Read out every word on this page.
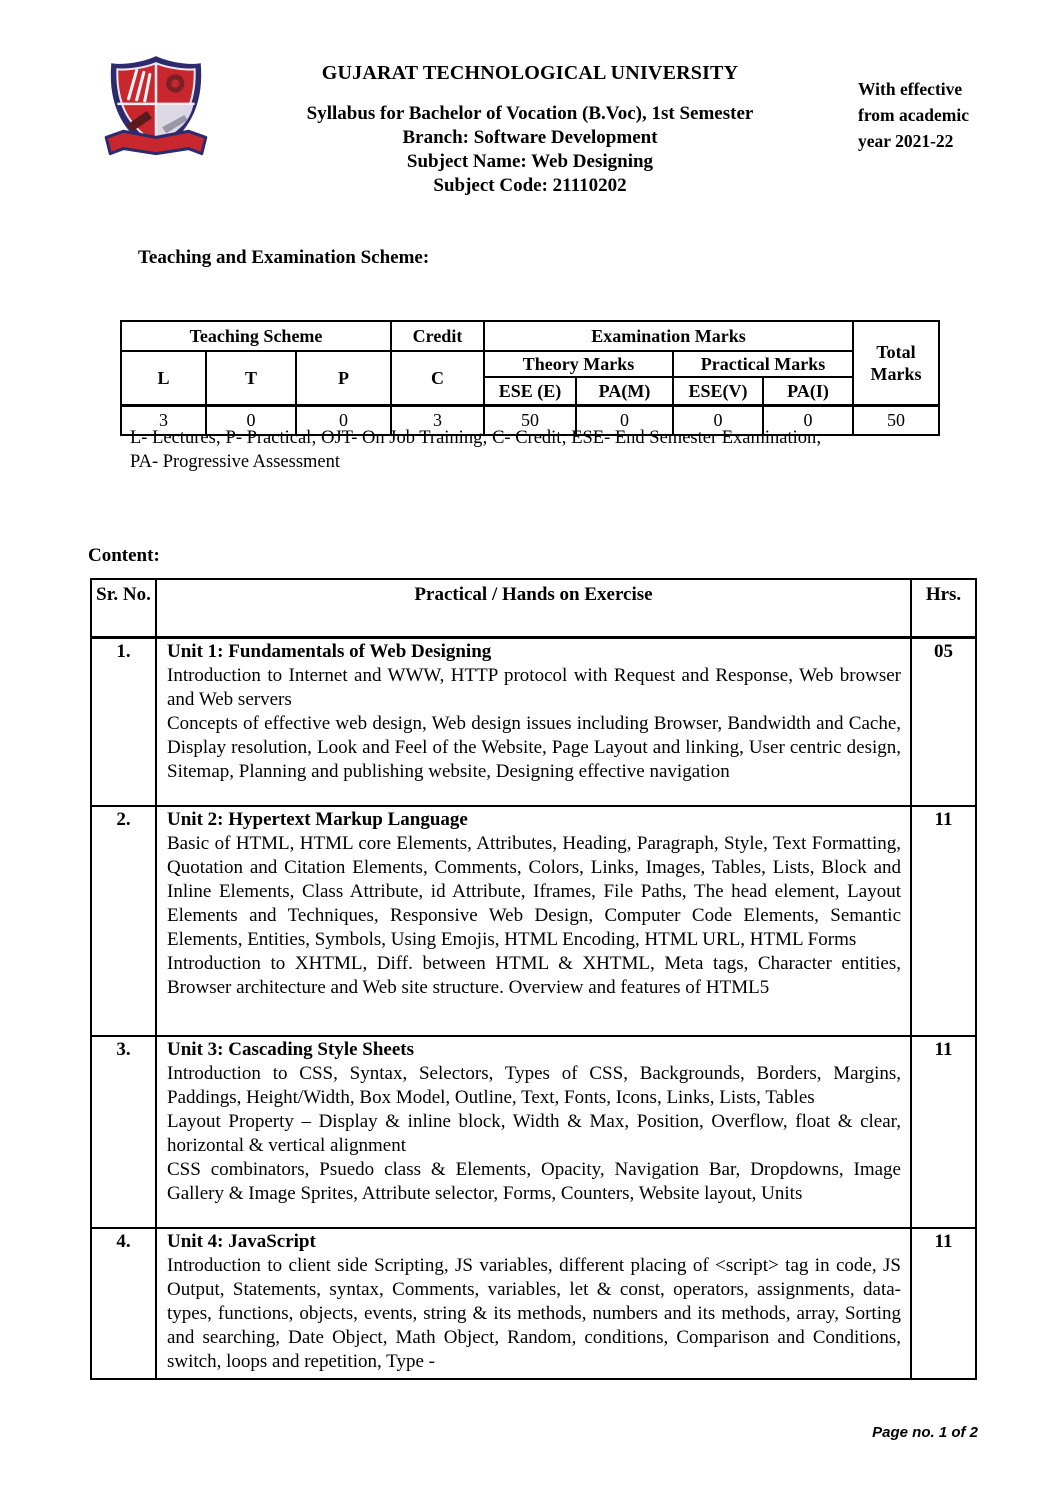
GUJARAT TECHNOLOGICAL UNIVERSITY
Syllabus for Bachelor of Vocation (B.Voc), 1st Semester
Branch: Software Development
Subject Name: Web Designing
Subject Code: 21110202
With effective from academic year 2021-22
Teaching and Examination Scheme:
Teaching Scheme			Credit	Examination Marks				Total Marks
L	T	P	C	Theory Marks		Practical Marks		
				ESE (E)	PA(M)	ESE(V)	PA(I)	
3	0	0	3	50	0	0	0	50
L- Lectures; P- Practical; OJT- On Job Training; C- Credit; ESE- End Semester Examination;
PA- Progressive Assessment
Content:
Sr. No.	Practical / Hands on Exercise	Hrs.
1.	Unit 1: Fundamentals of Web Designing
Introduction to Internet and WWW, HTTP protocol with Request and Response, Web browser and Web servers
Concepts of effective web design, Web design issues including Browser, Bandwidth and Cache, Display resolution, Look and Feel of the Website, Page Layout and linking, User centric design, Sitemap, Planning and publishing website, Designing effective navigation	05
2.	Unit 2: Hypertext Markup Language
Basic of HTML, HTML core Elements, Attributes, Heading, Paragraph, Style, Text Formatting, Quotation and Citation Elements, Comments, Colors, Links, Images, Tables, Lists, Block and Inline Elements, Class Attribute, id Attribute, Iframes, File Paths, The head element, Layout Elements and Techniques, Responsive Web Design, Computer Code Elements, Semantic Elements, Entities, Symbols, Using Emojis, HTML Encoding, HTML URL, HTML Forms
Introduction to XHTML, Diff. between HTML & XHTML, Meta tags, Character entities, Browser architecture and Web site structure. Overview and features of HTML5	11
3.	Unit 3: Cascading Style Sheets
Introduction to CSS, Syntax, Selectors, Types of CSS, Backgrounds, Borders, Margins, Paddings, Height/Width, Box Model, Outline, Text, Fonts, Icons, Links, Lists, Tables
Layout Property – Display & inline block, Width & Max, Position, Overflow, float & clear, horizontal & vertical alignment
CSS combinators, Psuedo class & Elements, Opacity, Navigation Bar, Dropdowns, Image Gallery & Image Sprites, Attribute selector, Forms, Counters, Website layout, Units	11
4.	Unit 4: JavaScript
Introduction to client side Scripting, JS variables, different placing of <script> tag in code, JS Output, Statements, syntax, Comments, variables, let & const, operators, assignments, data-types, functions, objects, events, string & its methods, numbers and its methods, array, Sorting and searching, Date Object, Math Object, Random, conditions, Comparison and Conditions, switch, loops and repetition, Type -	11
Page no. 1 of 2
